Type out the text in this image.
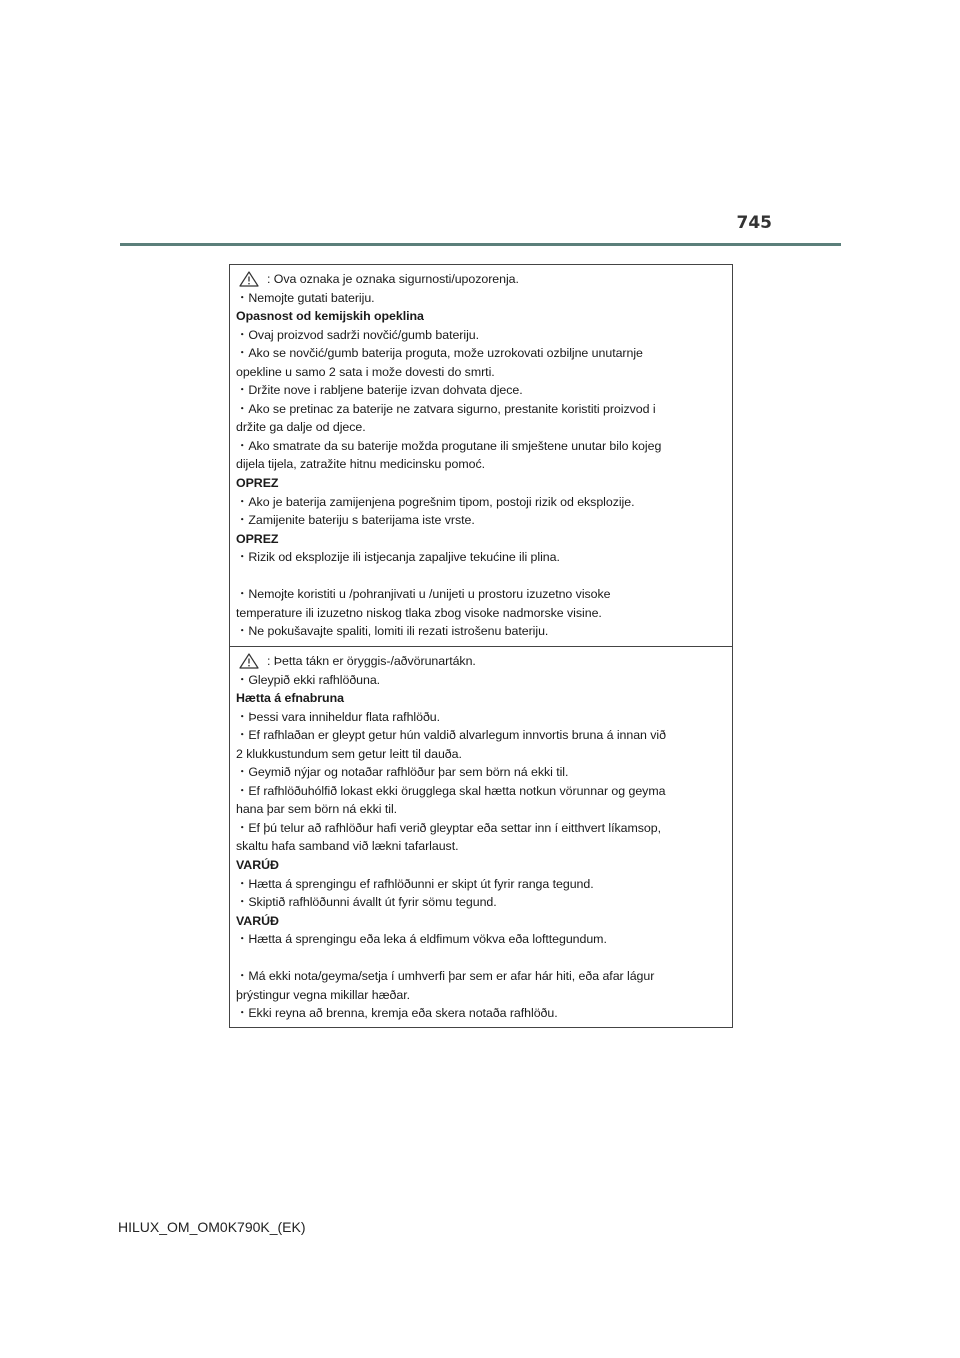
745
: Ova oznaka je oznaka sigurnosti/upozorenja.
・Nemojte gutati bateriju.
Opasnost od kemijskih opeklina
・Ovaj proizvod sadrži novčić/gumb bateriju.
・Ako se novčić/gumb baterija proguta, može uzrokovati ozbiljne unutarnje
opekline u samo 2 sata i može dovesti do smrti.
・Držite nove i rabljene baterije izvan dohvata djece.
・Ako se pretinac za baterije ne zatvara sigurno, prestanite koristiti proizvod i
držite ga dalje od djece.
・Ako smatrate da su baterije možda progutane ili smještene unutar bilo kojeg
dijela tijela, zatražite hitnu medicinsku pomoć.
OPREZ
・Ako je baterija zamijenjena pogrešnim tipom, postoji rizik od eksplozije.
・Zamijenite bateriju s baterijama iste vrste.
OPREZ
・Rizik od eksplozije ili istjecanja zapaljive tekućine ili plina.
・Nemojte koristiti u /pohranjivati u /unijeti u prostoru izuzetno visoke
temperature ili izuzetno niskog tlaka zbog visoke nadmorske visine.
・Ne pokušavajte spaliti, lomiti ili rezati istrošenu bateriju.
: Þetta tákn er öryggis-/aðvörunartákn.
・Gleypið ekki rafhlöðuna.
Hætta á efnabruna
・Þessi vara inniheldur flata rafhlöðu.
・Ef rafhlaðan er gleypt getur hún valdið alvarlegum innvortis bruna á innan við
2 klukkustundum sem getur leitt til dauða.
・Geymið nýjar og notaðar rafhlöður þar sem börn ná ekki til.
・Ef rafhlöðuhólfið lokast ekki örugglega skal hætta notkun vörunnar og geyma
hana þar sem börn ná ekki til.
・Ef þú telur að rafhlöður hafi verið gleyptar eða settar inn í eitthvert líkamsop,
skaltu hafa samband við lækni tafarlaust.
VARÚÐ
・Hætta á sprengingu ef rafhlöðunni er skipt út fyrir ranga tegund.
・Skiptið rafhlöðunni ávallt út fyrir sömu tegund.
VARÚÐ
・Hætta á sprengingu eða leka á eldfimum vökva eða lofttegundum.
・Má ekki nota/geyma/setja í umhverfi þar sem er afar hár hiti, eða afar lágur
þrýstingur vegna mikillar hæðar.
・Ekki reyna að brenna, kremja eða skera notaða rafhlöðu.
HILUX_OM_OM0K790K_(EK)
